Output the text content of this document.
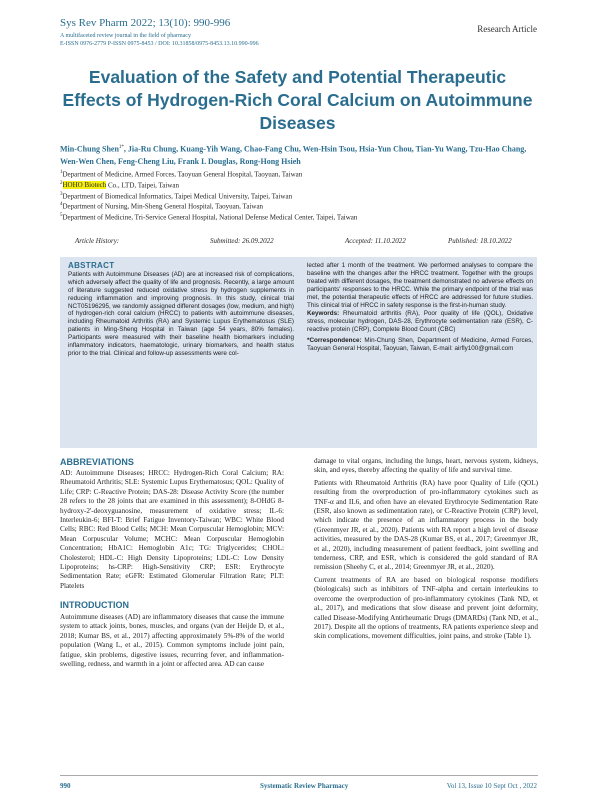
Sys Rev Pharm 2022; 13(10): 990-996
A multifaceted review journal in the field of pharmacy
E-ISSN 0976-2779 P-ISSN 0975-8453 / DOI: 10.31858/0975-8453.13.10.990-996
Research Article
Evaluation of the Safety and Potential Therapeutic Effects of Hydrogen-Rich Coral Calcium on Autoimmune Diseases
Min-Chung Shen$^{1*}$, Jia-Ru Chung, Kuang-Yih Wang, Chao-Fang Chu, Wen-Hsin Tsou, Hsia-Yun Chou, Tian-Yu Wang, Tzu-Hao Chang, Wen-Wen Chen, Feng-Cheng Liu, Frank L Douglas, Rong-Hong Hsieh
$^1$Department of Medicine, Armed Forces, Taoyuan General Hospital, Taoyuan, Taiwan
$^2$HOHO Biotech Co., LTD, Taipei, Taiwan
$^3$Department of Biomedical Informatics, Taipei Medical University, Taipei, Taiwan
$^4$Department of Nursing, Min-Sheng General Hospital, Taoyuan, Taiwan
$^5$Department of Medicine, Tri-Service General Hospital, National Defense Medical Center, Taipei, Taiwan
Article History:	Submitted: 26.09.2022	Accepted: 11.10.2022	Published: 18.10.2022
ABSTRACT
Patients with Autoimmune Diseases (AD) are at increased risk of complications, which adversely affect the quality of life and prognosis. Recently, a large amount of literature suggested reduced oxidative stress by hydrogen supplements in reducing inflammation and improving prognosis. In this study, clinical trial NCT05196295, we randomly assigned different dosages (low, medium, and high) of hydrogen-rich coral calcium (HRCC) to patients with autoimmune diseases, including Rheumatoid Arthritis (RA) and Systemic Lupus Erythematosus (SLE) patients in Ming-Sheng Hospital in Taiwan (age 54 years, 80% females). Participants were measured with their baseline health biomarkers including inflammatory indicators, haematologic, urinary biomarkers, and health status prior to the trial. Clinical and follow-up assessments were col-
lected after 1 month of the treatment. We performed analyses to compare the baseline with the changes after the HRCC treatment. Together with the groups treated with different dosages, the treatment demonstrated no adverse effects on participants' responses to the HRCC. While the primary endpoint of the trial was met, the potential therapeutic effects of HRCC are addressed for future studies. This clinical trial of HRCC in safety response is the first-in-human study.
Keywords: Rheumatoid arthritis (RA), Poor quality of life (QOL), Oxidative stress, molecular hydrogen, DAS-28, Erythrocyte sedimentation rate (ESR), C-reactive protein (CRP), Complete Blood Count (CBC)
*Correspondence: Min-Chung Shen, Department of Medicine, Armed Forces, Taoyuan General Hospital, Taoyuan, Taiwan, E-mail: airfly100@gmail.com
ABBREVIATIONS
AD: Autoimmune Diseases; HRCC: Hydrogen-Rich Coral Calcium; RA: Rheumatoid Arthritis; SLE: Systemic Lupus Erythematosus; QOL: Quality of Life; CRP: C-Reactive Protein; DAS-28: Disease Activity Score (the number 28 refers to the 28 joints that are examined in this assessment); 8-OHdG 8-hydroxy-2'-deoxyguanosine, measurement of oxidative stress; IL-6: Interleukin-6; BFI-T: Brief Fatigue Inventory-Taiwan; WBC: White Blood Cells; RBC: Red Blood Cells; MCH: Mean Corpuscular Hemoglobin; MCV: Mean Corpuscular Volume; MCHC: Mean Corpuscular Hemoglobin Concentration; HbA1C: Hemoglobin A1c; TG: Triglycerides; CHOL: Cholesterol; HDL-C: High Density Lipoproteins; LDL-C: Low Density Lipoproteins; hs-CRP: High-Sensitivity CRP; ESR: Erythrocyte Sedimentation Rate; eGFR: Estimated Glomerular Filtration Rate; PLT: Platelets
INTRODUCTION
Autoimmune diseases (AD) are inflammatory diseases that cause the immune system to attack joints, bones, muscles, and organs (van der Heijde D, et al., 2018; Kumar BS, et al., 2017) affecting approximately 5%-8% of the world population (Wang L, et al., 2015). Common symptoms include joint pain, fatigue, skin problems, digestive issues, recurring fever, and inflammation-swelling, redness, and warmth in a joint or affected area. AD can cause

damage to vital organs, including the lungs, heart, nervous system, kidneys, skin, and eyes, thereby affecting the quality of life and survival time.

Patients with Rheumatoid Arthritis (RA) have poor Quality of Life (QOL) resulting from the overproduction of pro-inflammatory cytokines such as TNF-α and IL6, and often have an elevated Erythrocyte Sedimentation Rate (ESR, also known as sedimentation rate), or C-Reactive Protein (CRP) level, which indicate the presence of an inflammatory process in the body (Greenmyer JR, et al., 2020). Patients with RA report a high level of disease activities, measured by the DAS-28 (Kumar BS, et al., 2017; Greenmyer JR, et al., 2020), including measurement of patient feedback, joint swelling and tenderness, CRP, and ESR, which is considered the gold standard of RA remission (Sheehy C, et al., 2014; Greenmyer JR, et al., 2020).

Current treatments of RA are based on biological response modifiers (biologicals) such as inhibitors of TNF-alpha and certain interleukins to overcome the overproduction of pro-inflammatory cytokines (Tank ND, et al., 2017), and medications that slow disease and prevent joint deformity, called Disease-Modifying Antirheumatic Drugs (DMARDs) (Tank ND, et al., 2017). Despite all the options of treatments, RA patients experience sleep and skin complications, movement difficulties, joint pains, and stroke (Table 1).

990	Systematic Review Pharmacy	Vol 13, Issue 10 Sept Oct , 2022
